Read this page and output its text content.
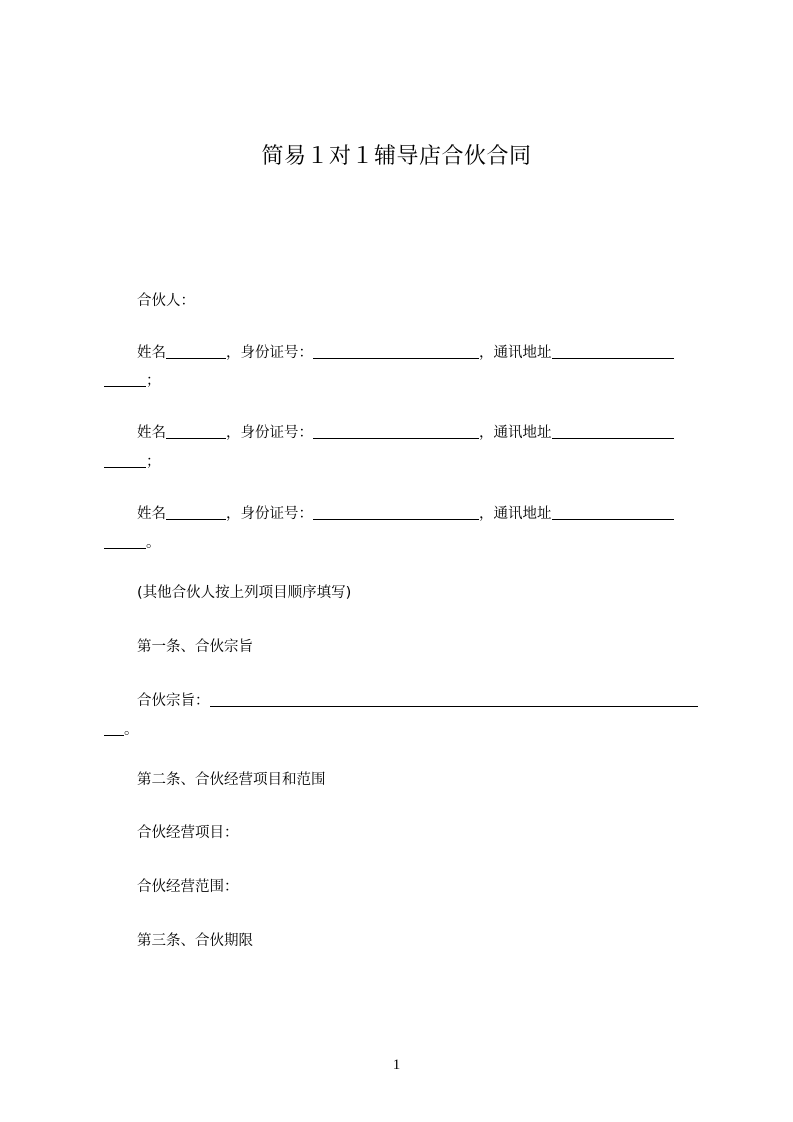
简易１对１辅导店合伙合同
合伙人：
姓名	，身份证号：	，通讯地址
；
姓名	，身份证号：	，通讯地址
；
姓名	，身份证号：	，通讯地址
。
(其他合伙人按上列项目顺序填写)
第一条、合伙宗旨
合伙宗旨：
。
第二条、合伙经营项目和范围
合伙经营项目：
合伙经营范围：
第三条、合伙期限
1
